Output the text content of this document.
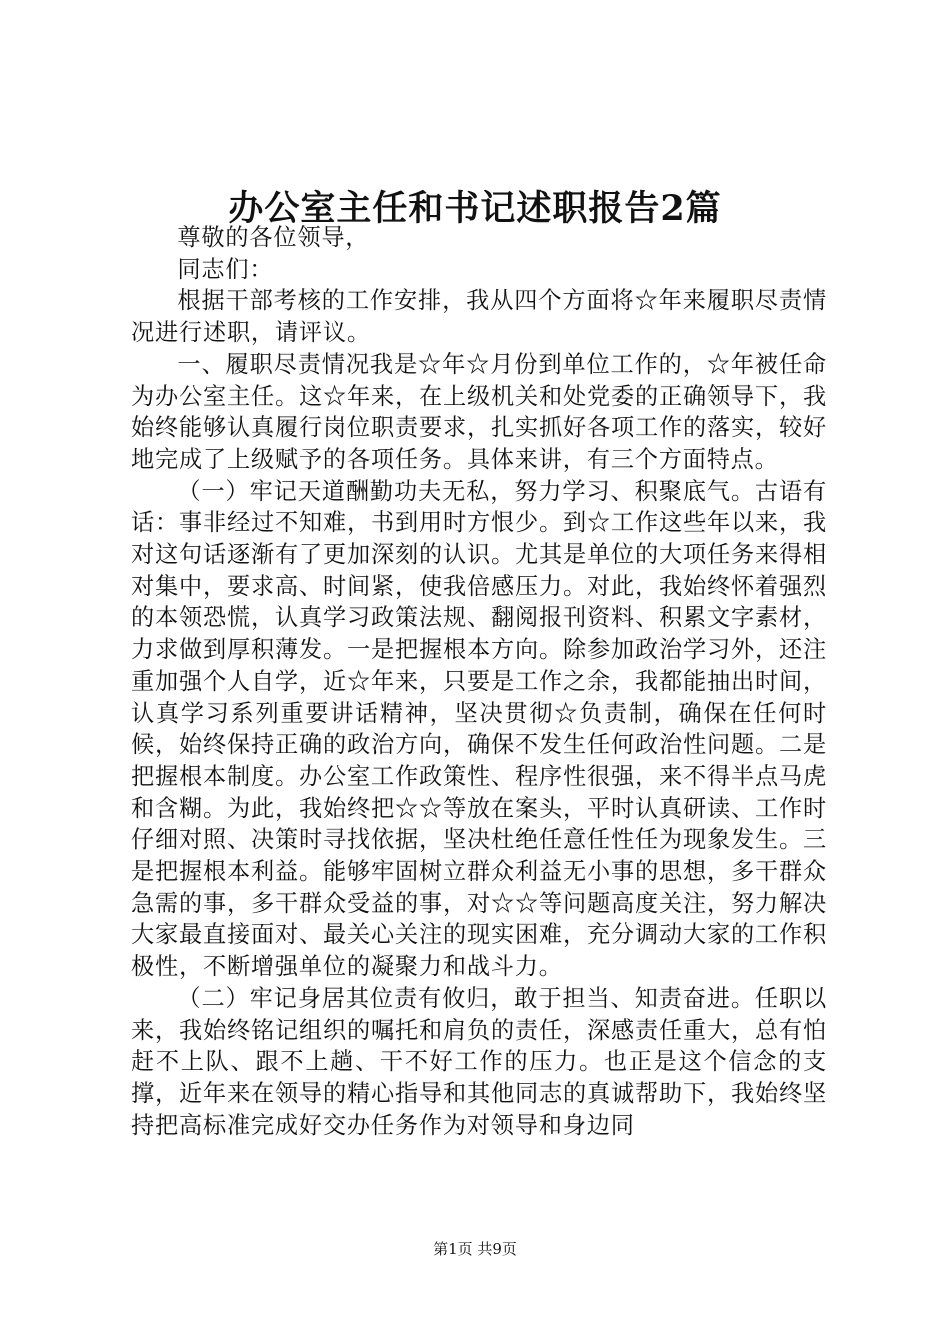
办公室主任和书记述职报告2篇

尊敬的各位领导，

同志们：

根据干部考核的工作安排，我从四个方面将☆年来履职尽责情况进行述职，请评议。

一、履职尽责情况我是☆年☆月份到单位工作的，☆年被任命为办公室主任。这☆年来，在上级机关和处党委的正确领导下，我始终能够认真履行岗位职责要求，扎实抓好各项工作的落实，较好地完成了上级赋予的各项任务。具体来讲，有三个方面特点。

（一）牢记天道酬勤功夫无私，努力学习、积聚底气。古语有话：事非经过不知难，书到用时方恨少。到☆工作这些年以来，我对这句话逐渐有了更加深刻的认识。尤其是单位的大项任务来得相对集中，要求高、时间紧，使我倍感压力。对此，我始终怀着强烈的本领恐慌，认真学习政策法规、翻阅报刊资料、积累文字素材，力求做到厚积薄发。一是把握根本方向。除参加政治学习外，还注重加强个人自学，近☆年来，只要是工作之余，我都能抽出时间，认真学习系列重要讲话精神，坚决贯彻☆负责制，确保在任何时候，始终保持正确的政治方向，确保不发生任何政治性问题。二是把握根本制度。办公室工作政策性、程序性很强，来不得半点马虎和含糊。为此，我始终把☆☆等放在案头，平时认真研读、工作时仔细对照、决策时寻找依据，坚决杜绝任意任性任为现象发生。三是把握根本利益。能够牢固树立群众利益无小事的思想，多干群众急需的事，多干群众受益的事，对☆☆等问题高度关注，努力解决大家最直接面对、最关心关注的现实困难，充分调动大家的工作积极性，不断增强单位的凝聚力和战斗力。

（二）牢记身居其位责有攸归，敢于担当、知责奋进。任职以来，我始终铭记组织的嘱托和肩负的责任，深感责任重大，总有怕赶不上队、跟不上趟、干不好工作的压力。也正是这个信念的支撑，近年来在领导的精心指导和其他同志的真诚帮助下，我始终坚持把高标准完成好交办任务作为对领导和身边同

第1页 共9页
